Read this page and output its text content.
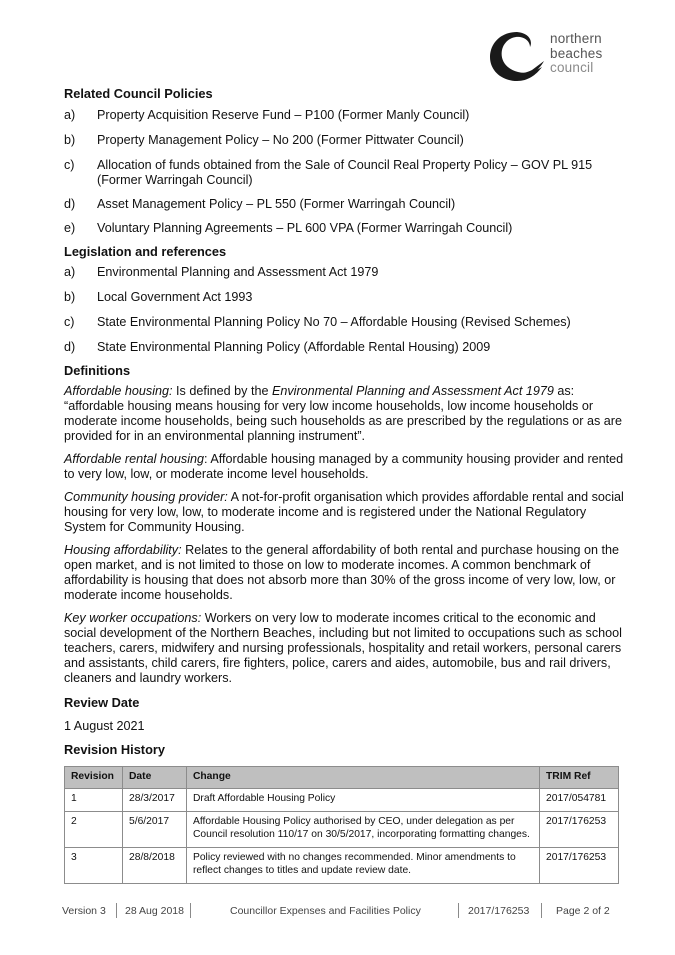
northern
beaches
council
Related Council Policies
a)	Property Acquisition Reserve Fund – P100 (Former Manly Council)
b)	Property Management Policy – No 200 (Former Pittwater Council)
c)	Allocation of funds obtained from the Sale of Council Real Property Policy – GOV PL 915 (Former Warringah Council)
d)	Asset Management Policy – PL 550 (Former Warringah Council)
e)	Voluntary Planning Agreements – PL 600 VPA (Former Warringah Council)
Legislation and references
a)	Environmental Planning and Assessment Act 1979
b)	Local Government Act 1993
c)	State Environmental Planning Policy No 70 – Affordable Housing (Revised Schemes)
d)	State Environmental Planning Policy (Affordable Rental Housing) 2009
Definitions

Affordable housing: Is defined by the Environmental Planning and Assessment Act 1979 as: “affordable housing means housing for very low income households, low income households or moderate income households, being such households as are prescribed by the regulations or as are provided for in an environmental planning instrument”.

Affordable rental housing: Affordable housing managed by a community housing provider and rented to very low, low, or moderate income level households.

Community housing provider: A not-for-profit organisation which provides affordable rental and social housing for very low, low, to moderate income and is registered under the National Regulatory System for Community Housing.

Housing affordability: Relates to the general affordability of both rental and purchase housing on the open market, and is not limited to those on low to moderate incomes. A common benchmark of affordability is housing that does not absorb more than 30% of the gross income of very low, low, or moderate income households.

Key worker occupations: Workers on very low to moderate incomes critical to the economic and social development of the Northern Beaches, including but not limited to occupations such as school teachers, carers, midwifery and nursing professionals, hospitality and retail workers, personal carers and assistants, child carers, fire fighters, police, carers and aides, automobile, bus and rail drivers, cleaners and laundry workers.

Review Date

1 August 2021

Revision History
Revision	Date	Change	TRIM Ref
1	28/3/2017	Draft Affordable Housing Policy	2017/054781
2	5/6/2017	Affordable Housing Policy authorised by CEO, under delegation as per Council resolution 110/17 on 30/5/2017, incorporating formatting changes.	2017/176253
3	28/8/2018	Policy reviewed with no changes recommended. Minor amendments to reflect changes to titles and update review date.	2017/176253
Version 3 28 Aug 2018	Councillor Expenses and Facilities Policy	2017/176253	Page 2 of 2
